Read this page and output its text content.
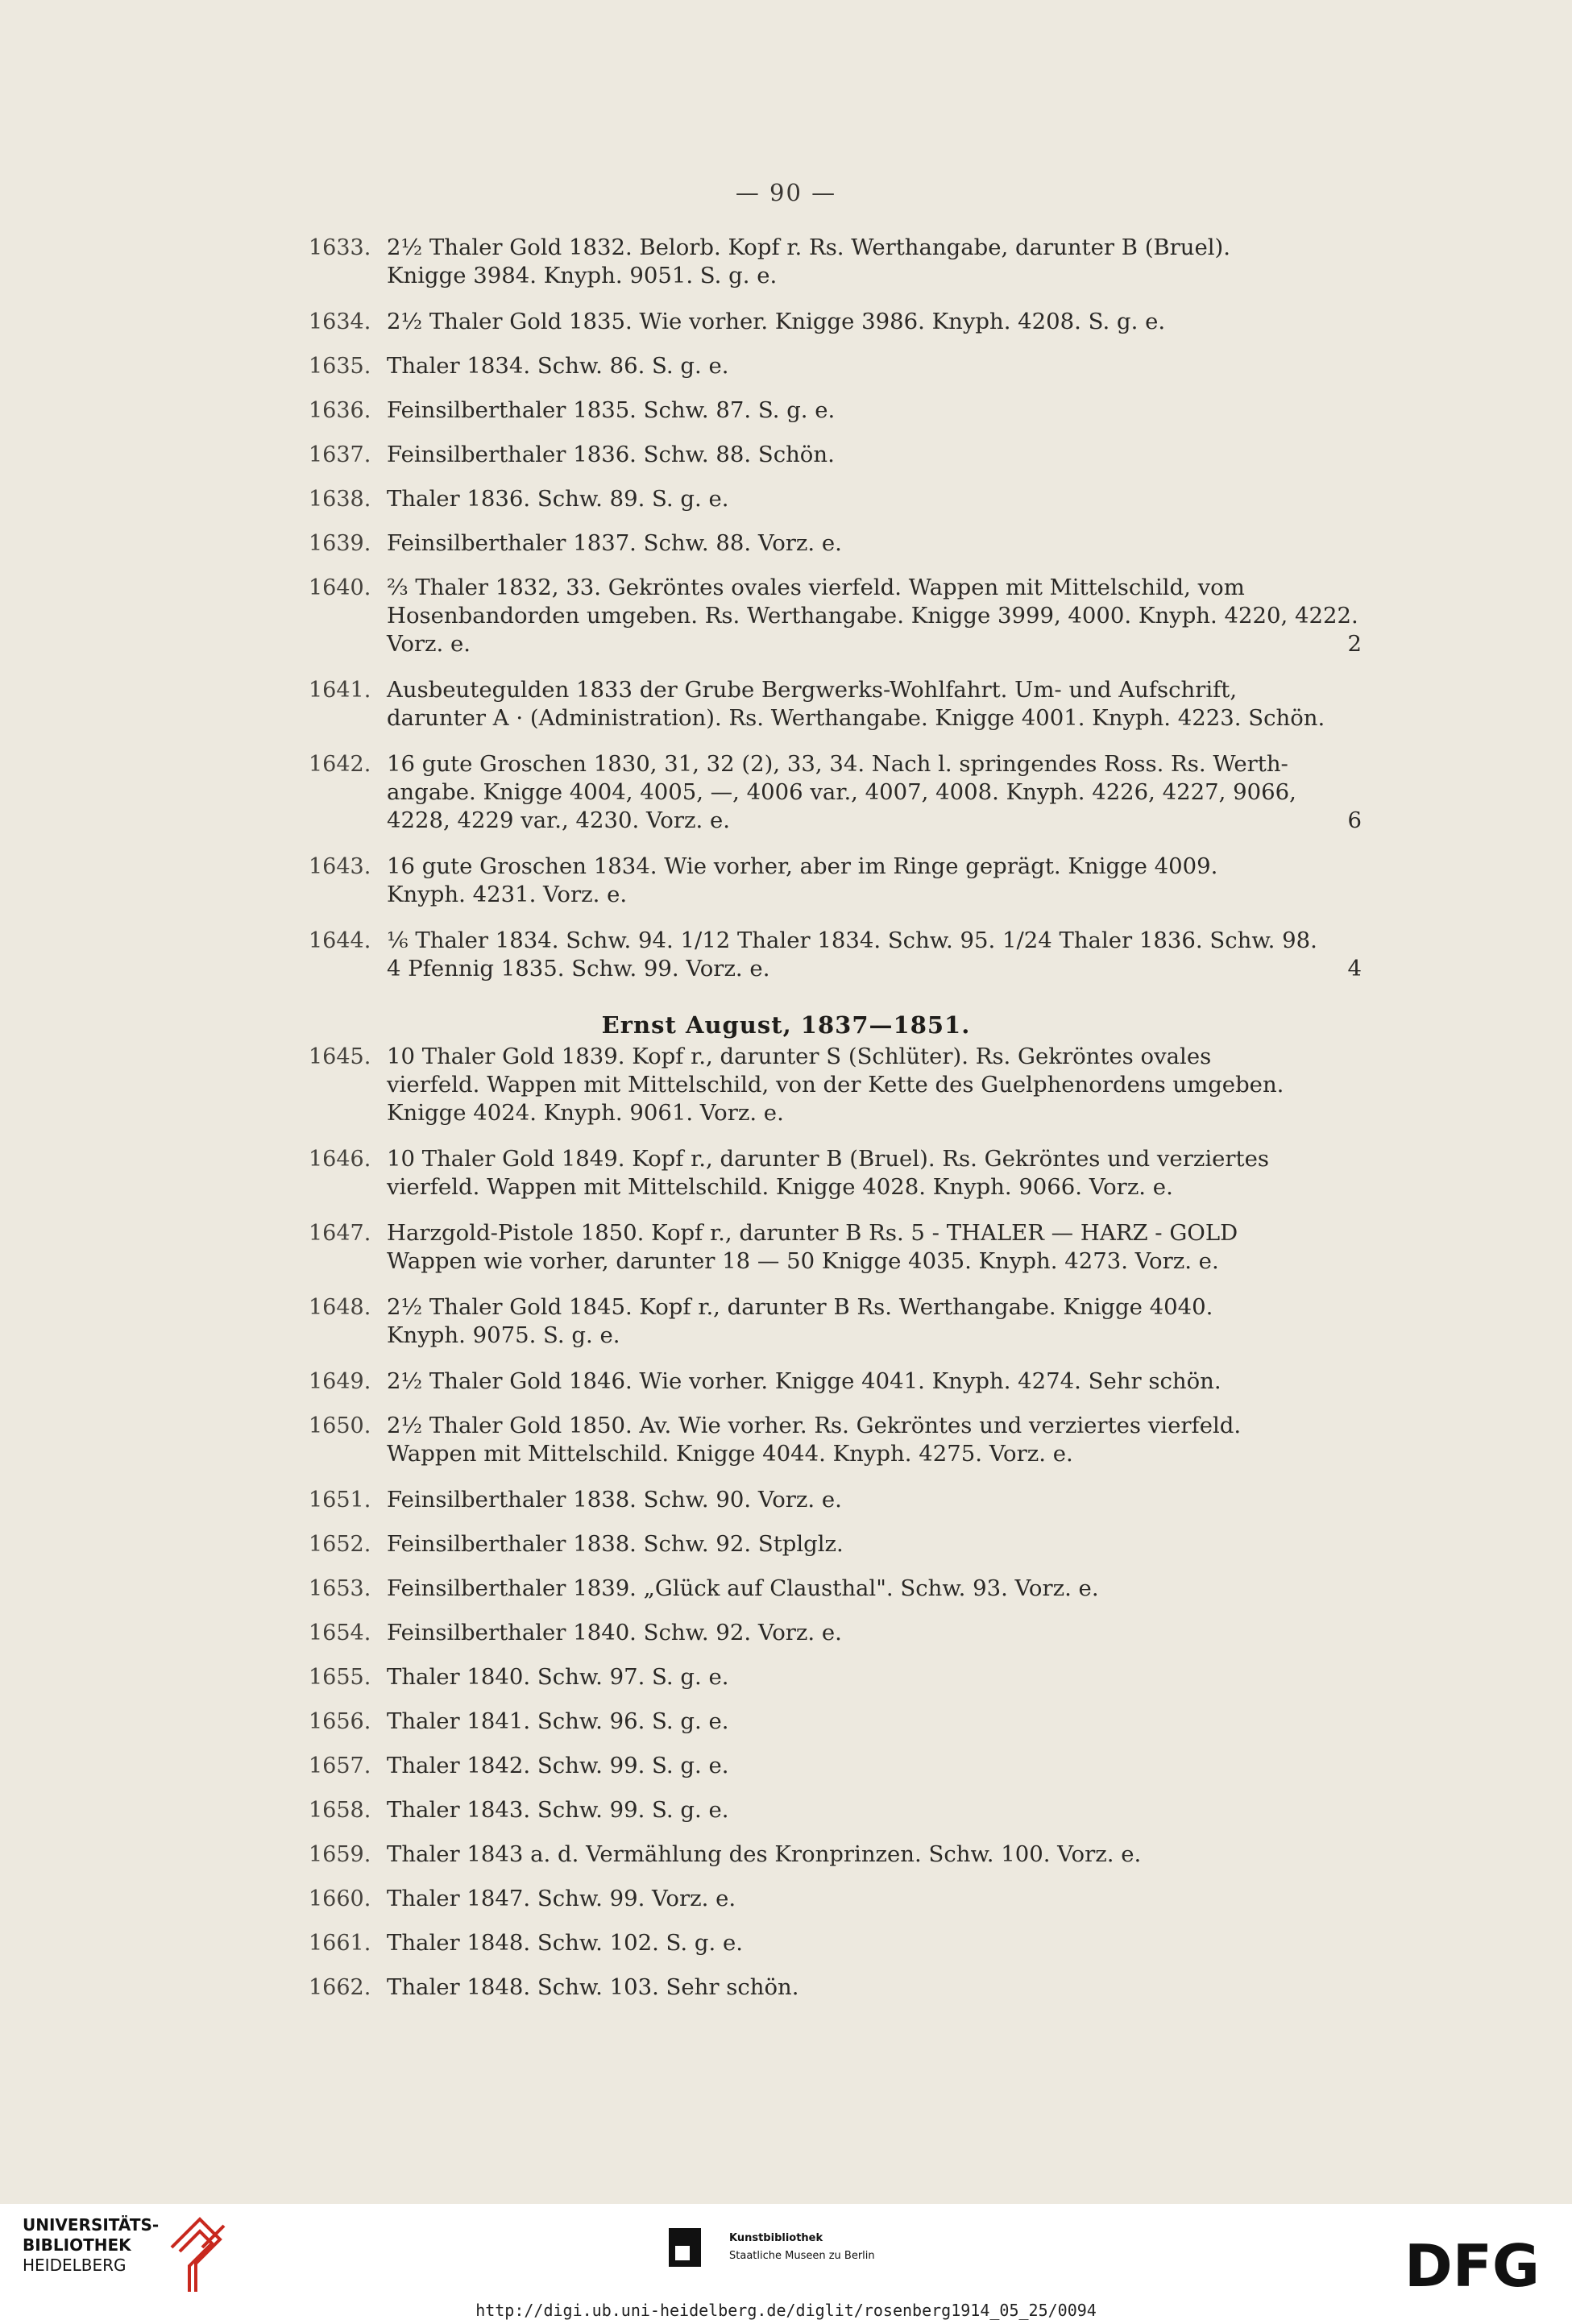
— 90 —
1633. 2½ Thaler Gold 1832. Belorb. Kopf r. Rs. Werthangabe, darunter B (Bruel).
Knigge 3984. Knyph. 9051. S. g. e.
1634. 2½ Thaler Gold 1835. Wie vorher. Knigge 3986. Knyph. 4208. S. g. e.
1635. Thaler 1834. Schw. 86. S. g. e.
1636. Feinsilberthaler 1835. Schw. 87. S. g. e.
1637. Feinsilberthaler 1836. Schw. 88. Schön.
1638. Thaler 1836. Schw. 89. S. g. e.
1639. Feinsilberthaler 1837. Schw. 88. Vorz. e.
1640. ⅔ Thaler 1832, 33. Gekröntes ovales vierfeld. Wappen mit Mittelschild, vom
Hosenbandorden umgeben. Rs. Werthangabe. Knigge 3999, 4000. Knyph. 4220, 4222.
Vorz. e.	2
1641. Ausbeutegulden 1833 der Grube Bergwerks-Wohlfahrt. Um- und Aufschrift,
darunter A · (Administration). Rs. Werthangabe. Knigge 4001. Knyph. 4223. Schön.
1642. 16 gute Groschen 1830, 31, 32 (2), 33, 34. Nach l. springendes Ross. Rs. Werth-
angabe. Knigge 4004, 4005, —, 4006 var., 4007, 4008. Knyph. 4226, 4227, 9066,
4228, 4229 var., 4230. Vorz. e.	6
1643. 16 gute Groschen 1834. Wie vorher, aber im Ringe geprägt. Knigge 4009.
Knyph. 4231. Vorz. e.
1644. ⅙ Thaler 1834. Schw. 94. 1/12 Thaler 1834. Schw. 95. 1/24 Thaler 1836. Schw. 98.
4 Pfennig 1835. Schw. 99. Vorz. e.	4
1645. 10 Thaler Gold 1839. Kopf r., darunter S (Schlüter). Rs. Gekröntes ovales
vierfeld. Wappen mit Mittelschild, von der Kette des Guelphenordens umgeben.
Knigge 4024. Knyph. 9061. Vorz. e.
1646. 10 Thaler Gold 1849. Kopf r., darunter B (Bruel). Rs. Gekröntes und verziertes
vierfeld. Wappen mit Mittelschild. Knigge 4028. Knyph. 9066. Vorz. e.
1647. Harzgold-Pistole 1850. Kopf r., darunter B Rs. 5 - THALER — HARZ - GOLD
Wappen wie vorher, darunter 18 — 50 Knigge 4035. Knyph. 4273. Vorz. e.
1648. 2½ Thaler Gold 1845. Kopf r., darunter B Rs. Werthangabe. Knigge 4040.
Knyph. 9075. S. g. e.
1649. 2½ Thaler Gold 1846. Wie vorher. Knigge 4041. Knyph. 4274. Sehr schön.
1650. 2½ Thaler Gold 1850. Av. Wie vorher. Rs. Gekröntes und verziertes vierfeld.
Wappen mit Mittelschild. Knigge 4044. Knyph. 4275. Vorz. e.
1651. Feinsilberthaler 1838. Schw. 90. Vorz. e.
1652. Feinsilberthaler 1838. Schw. 92. Stplglz.
1653. Feinsilberthaler 1839. „Glück auf Clausthal". Schw. 93. Vorz. e.
1654. Feinsilberthaler 1840. Schw. 92. Vorz. e.
1655. Thaler 1840. Schw. 97. S. g. e.
1656. Thaler 1841. Schw. 96. S. g. e.
1657. Thaler 1842. Schw. 99. S. g. e.
1658. Thaler 1843. Schw. 99. S. g. e.
1659. Thaler 1843 a. d. Vermählung des Kronprinzen. Schw. 100. Vorz. e.
1660. Thaler 1847. Schw. 99. Vorz. e.
1661. Thaler 1848. Schw. 102. S. g. e.
1662. Thaler 1848. Schw. 103. Sehr schön.
Ernst August, 1837—1851.
UNIVERSITÄTS-
BIBLIOTHEK
HEIDELBERG
Kunstbibliothek
Staatliche Museen zu Berlin	DFG
http://digi.ub.uni-heidelberg.de/diglit/rosenberg1914_05_25/0094
